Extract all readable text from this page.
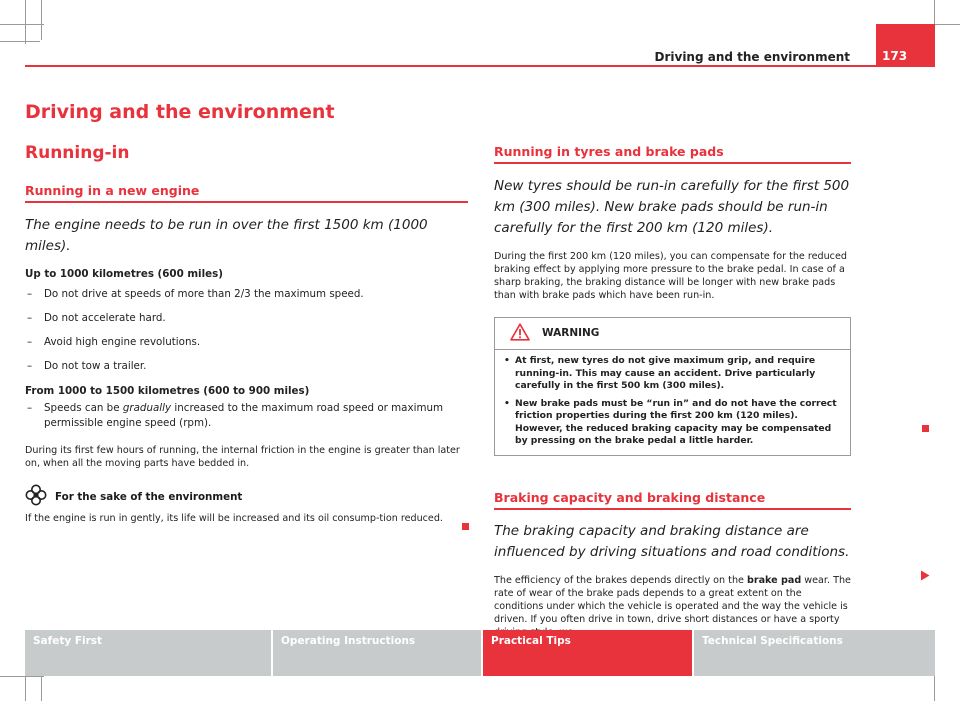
Driving and the environment	173
Driving and the environment
Running-in
Running in a new engine
The engine needs to be run in over the first 1500 km (1000 miles).
Up to 1000 kilometres (600 miles)
– Do not drive at speeds of more than 2/3 the maximum speed.
– Do not accelerate hard.
– Avoid high engine revolutions.
– Do not tow a trailer.
From 1000 to 1500 kilometres (600 to 900 miles)
– Speeds can be gradually increased to the maximum road speed or maximum permissible engine speed (rpm).
During its first few hours of running, the internal friction in the engine is greater than later on, when all the moving parts have bedded in.
For the sake of the environment
If the engine is run in gently, its life will be increased and its oil consump-tion reduced.
Running in tyres and brake pads
New tyres should be run-in carefully for the first 500 km (300 miles). New brake pads should be run-in carefully for the first 200 km (120 miles).
During the first 200 km (120 miles), you can compensate for the reduced braking effect by applying more pressure to the brake pedal. In case of a sharp braking, the braking distance will be longer with new brake pads than with brake pads which have been run-in.
WARNING
• At first, new tyres do not give maximum grip, and require running-in. This may cause an accident. Drive particularly carefully in the first 500 km (300 miles).
• New brake pads must be “run in” and do not have the correct friction properties during the first 200 km (120 miles). However, the reduced braking capacity may be compensated by pressing on the brake pedal a little harder.
Braking capacity and braking distance
The braking capacity and braking distance are influenced by driving situations and road conditions.
The efficiency of the brakes depends directly on the brake pad wear. The rate of wear of the brake pads depends to a great extent on the conditions under which the vehicle is operated and the way the vehicle is driven. If you often drive in town, drive short distances or have a sporty
Safety First	Operating Instructions	Practical Tips	Technical Specifications
